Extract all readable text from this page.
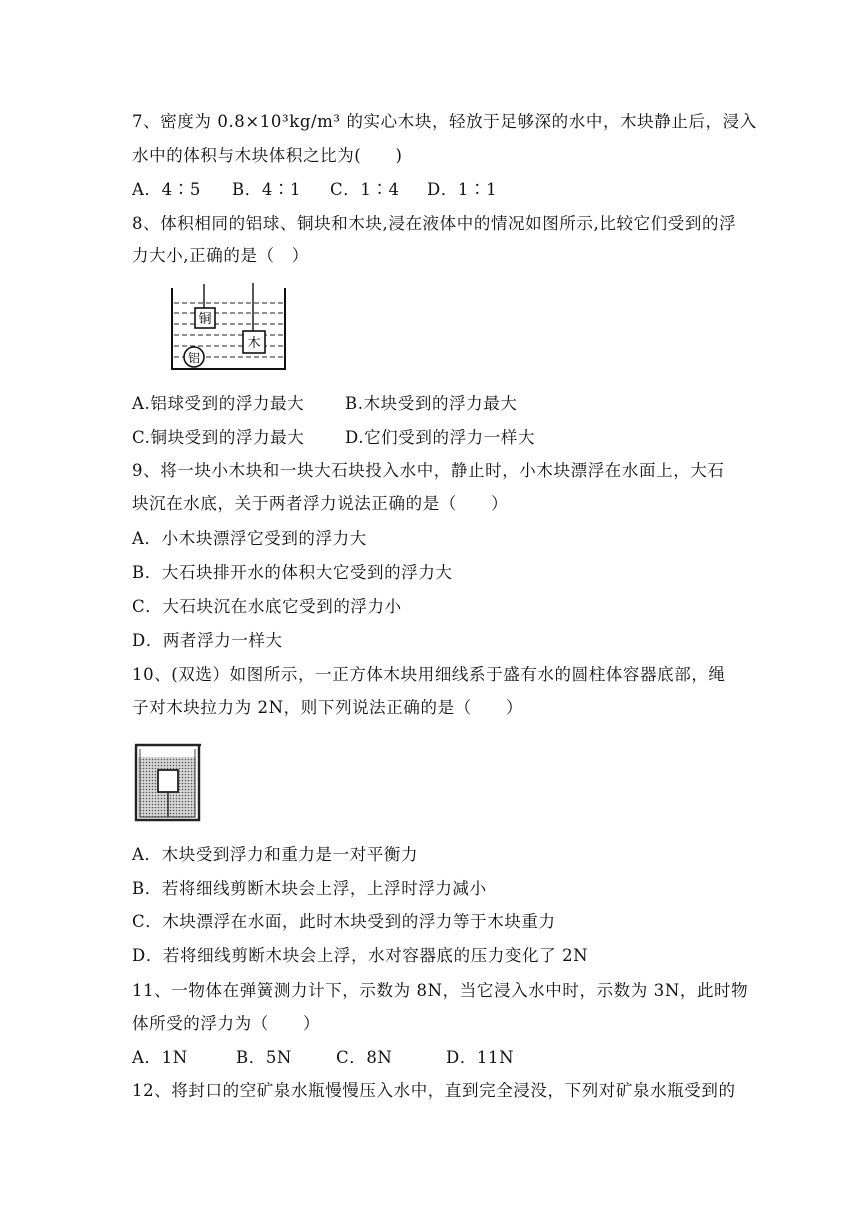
7、密度为 0.8×10³kg/m³ 的实心木块，轻放于足够深的水中，木块静止后，浸入
水中的体积与木块体积之比为(　　)
A．4∶5 B．4∶1 C．1∶4 D．1∶1
8、体积相同的铝球、铜块和木块,浸在液体中的情况如图所示,比较它们受到的浮
力大小,正确的是（　）
铜
木
铝
A.铝球受到的浮力最大 B.木块受到的浮力最大
C.铜块受到的浮力最大 D.它们受到的浮力一样大
9、将一块小木块和一块大石块投入水中，静止时，小木块漂浮在水面上，大石
块沉在水底，关于两者浮力说法正确的是（　　）
A．小木块漂浮它受到的浮力大
B．大石块排开水的体积大它受到的浮力大
C．大石块沉在水底它受到的浮力小
D．两者浮力一样大
10、(双选）如图所示，一正方体木块用细线系于盛有水的圆柱体容器底部，绳
子对木块拉力为 2N，则下列说法正确的是（　　）
A．木块受到浮力和重力是一对平衡力
B．若将细线剪断木块会上浮，上浮时浮力减小
C．木块漂浮在水面，此时木块受到的浮力等于木块重力
D．若将细线剪断木块会上浮，水对容器底的压力变化了 2N
11、一物体在弹簧测力计下，示数为 8N，当它浸入水中时，示数为 3N，此时物
体所受的浮力为（　　）
A．1N	B．5N	C．8N	D．11N
12、将封口的空矿泉水瓶慢慢压入水中，直到完全浸没，下列对矿泉水瓶受到的
